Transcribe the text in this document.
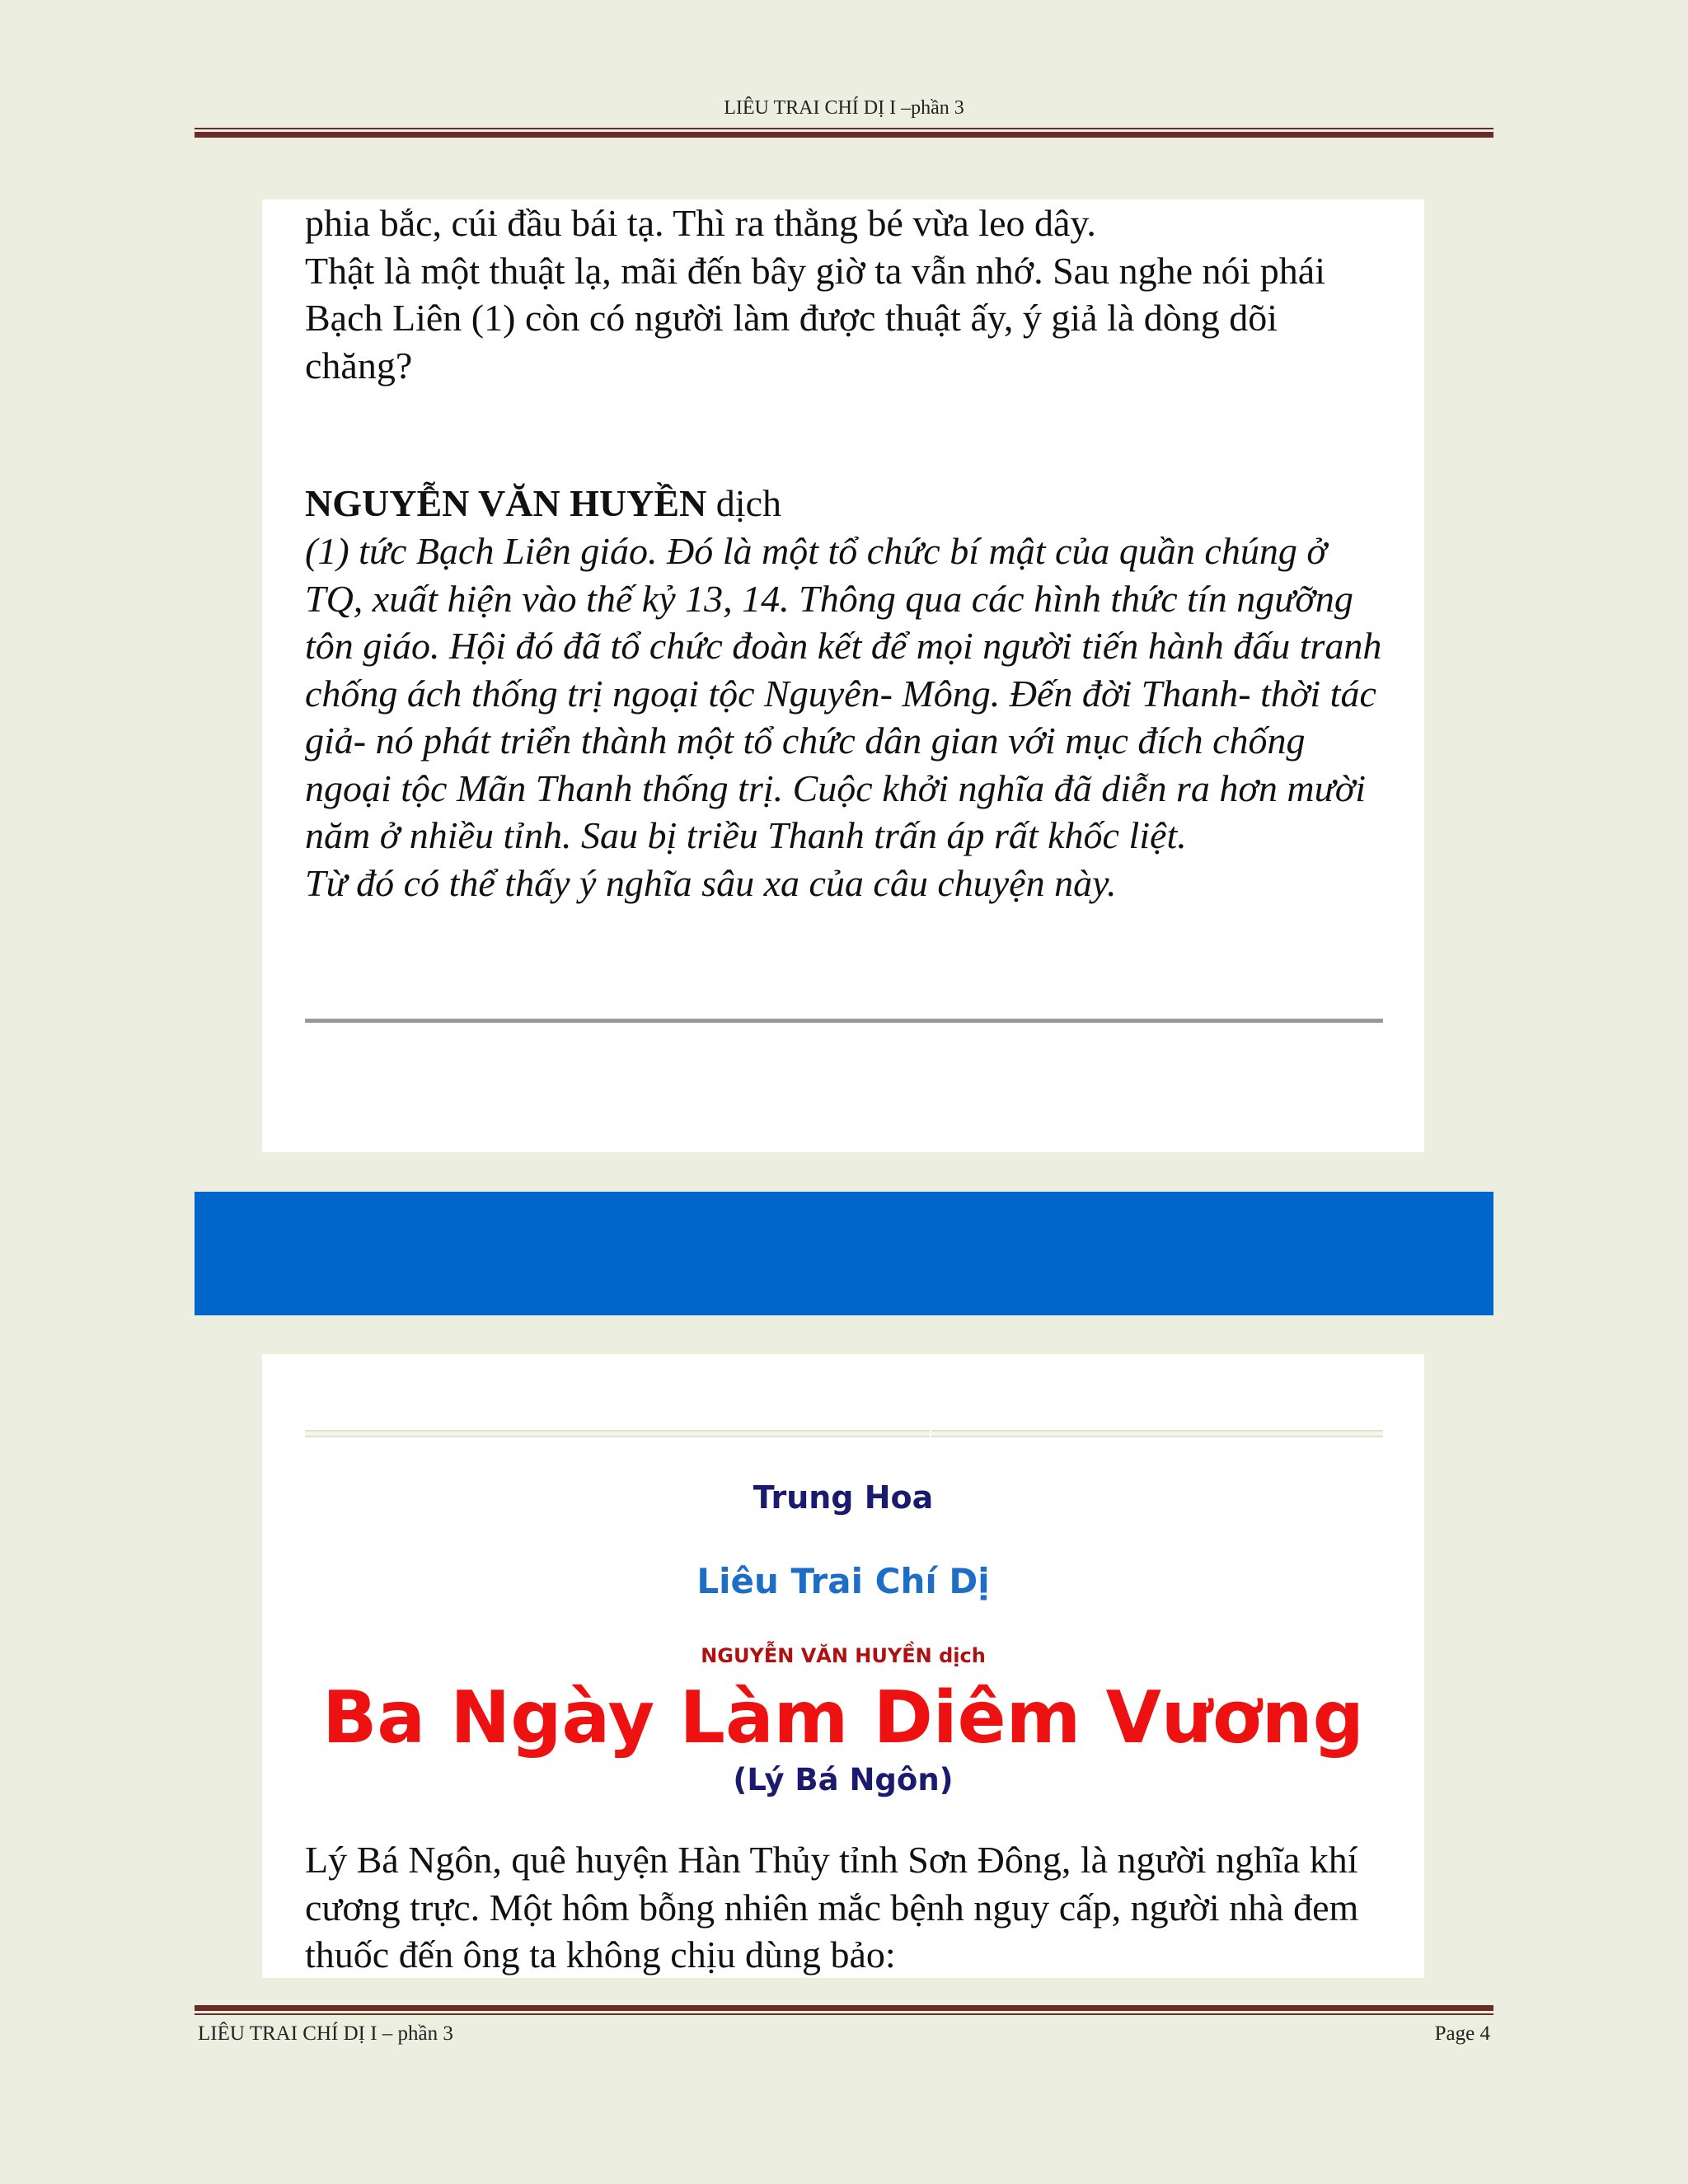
LIÊU TRAI CHÍ DỊ I –phần 3

phia bắc, cúi đầu bái tạ. Thì ra thằng bé vừa leo dây.
Thật là một thuật lạ, mãi đến bây giờ ta vẫn nhớ. Sau nghe nói phái Bạch Liên (1) còn có người làm được thuật ấy, ý giả là dòng dõi chăng?

NGUYỄN VĂN HUYỀN dịch

(1) tức Bạch Liên giáo. Đó là một tổ chức bí mật của quần chúng ở TQ, xuất hiện vào thế kỷ 13, 14. Thông qua các hình thức tín ngưỡng tôn giáo. Hội đó đã tổ chức đoàn kết để mọi người tiến hành đấu tranh chống ách thống trị ngoại tộc Nguyên- Mông. Đến đời Thanh- thời tác giả- nó phát triển thành một tổ chức dân gian với mục đích chống ngoại tộc Mãn Thanh thống trị. Cuộc khởi nghĩa đã diễn ra hơn mười năm ở nhiều tỉnh. Sau bị triều Thanh trấn áp rất khốc liệt.
Từ đó có thể thấy ý nghĩa sâu xa của câu chuyện này.

Trung Hoa

Liêu Trai Chí Dị

NGUYỄN VĂN HUYỀN dịch

Ba Ngày Làm Diêm Vương

(Lý Bá Ngôn)

Lý Bá Ngôn, quê huyện Hàn Thủy tỉnh Sơn Đông, là người nghĩa khí cương trực. Một hôm bỗng nhiên mắc bệnh nguy cấp, người nhà đem thuốc đến ông ta không chịu dùng bảo:

LIÊU TRAI CHÍ DỊ I – phần 3	Page 4
